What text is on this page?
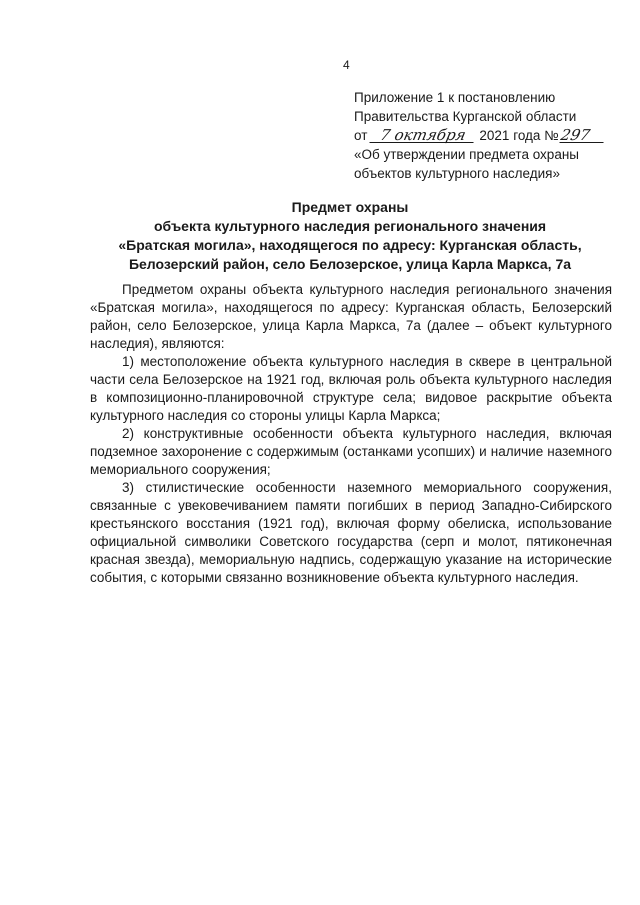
4
Приложение 1 к постановлению
Правительства Курганской области
от 7 октября 2021 года №297
«Об утверждении предмета охраны
объектов культурного наследия»
Предмет охраны
объекта культурного наследия регионального значения
«Братская могила», находящегося по адресу: Курганская область,
Белозерский район, село Белозерское, улица Карла Маркса, 7а

Предметом охраны объекта культурного наследия регионального значения «Братская могила», находящегося по адресу: Курганская область, Белозерский район, село Белозерское, улица Карла Маркса, 7а (далее – объект культурного наследия), являются:

1) местоположение объекта культурного наследия в сквере в центральной части села Белозерское на 1921 год, включая роль объекта культурного наследия в композиционно-планировочной структуре села; видовое раскрытие объекта культурного наследия со стороны улицы Карла Маркса;

2) конструктивные особенности объекта культурного наследия, включая подземное захоронение с содержимым (останками усопших) и наличие наземного мемориального сооружения;

3) стилистические особенности наземного мемориального сооружения, связанные с увековечиванием памяти погибших в период Западно-Сибирского крестьянского восстания (1921 год), включая форму обелиска, использование официальной символики Советского государства (серп и молот, пятиконечная красная звезда), мемориальную надпись, содержащую указание на исторические события, с которыми связанно возникновение объекта культурного наследия.
